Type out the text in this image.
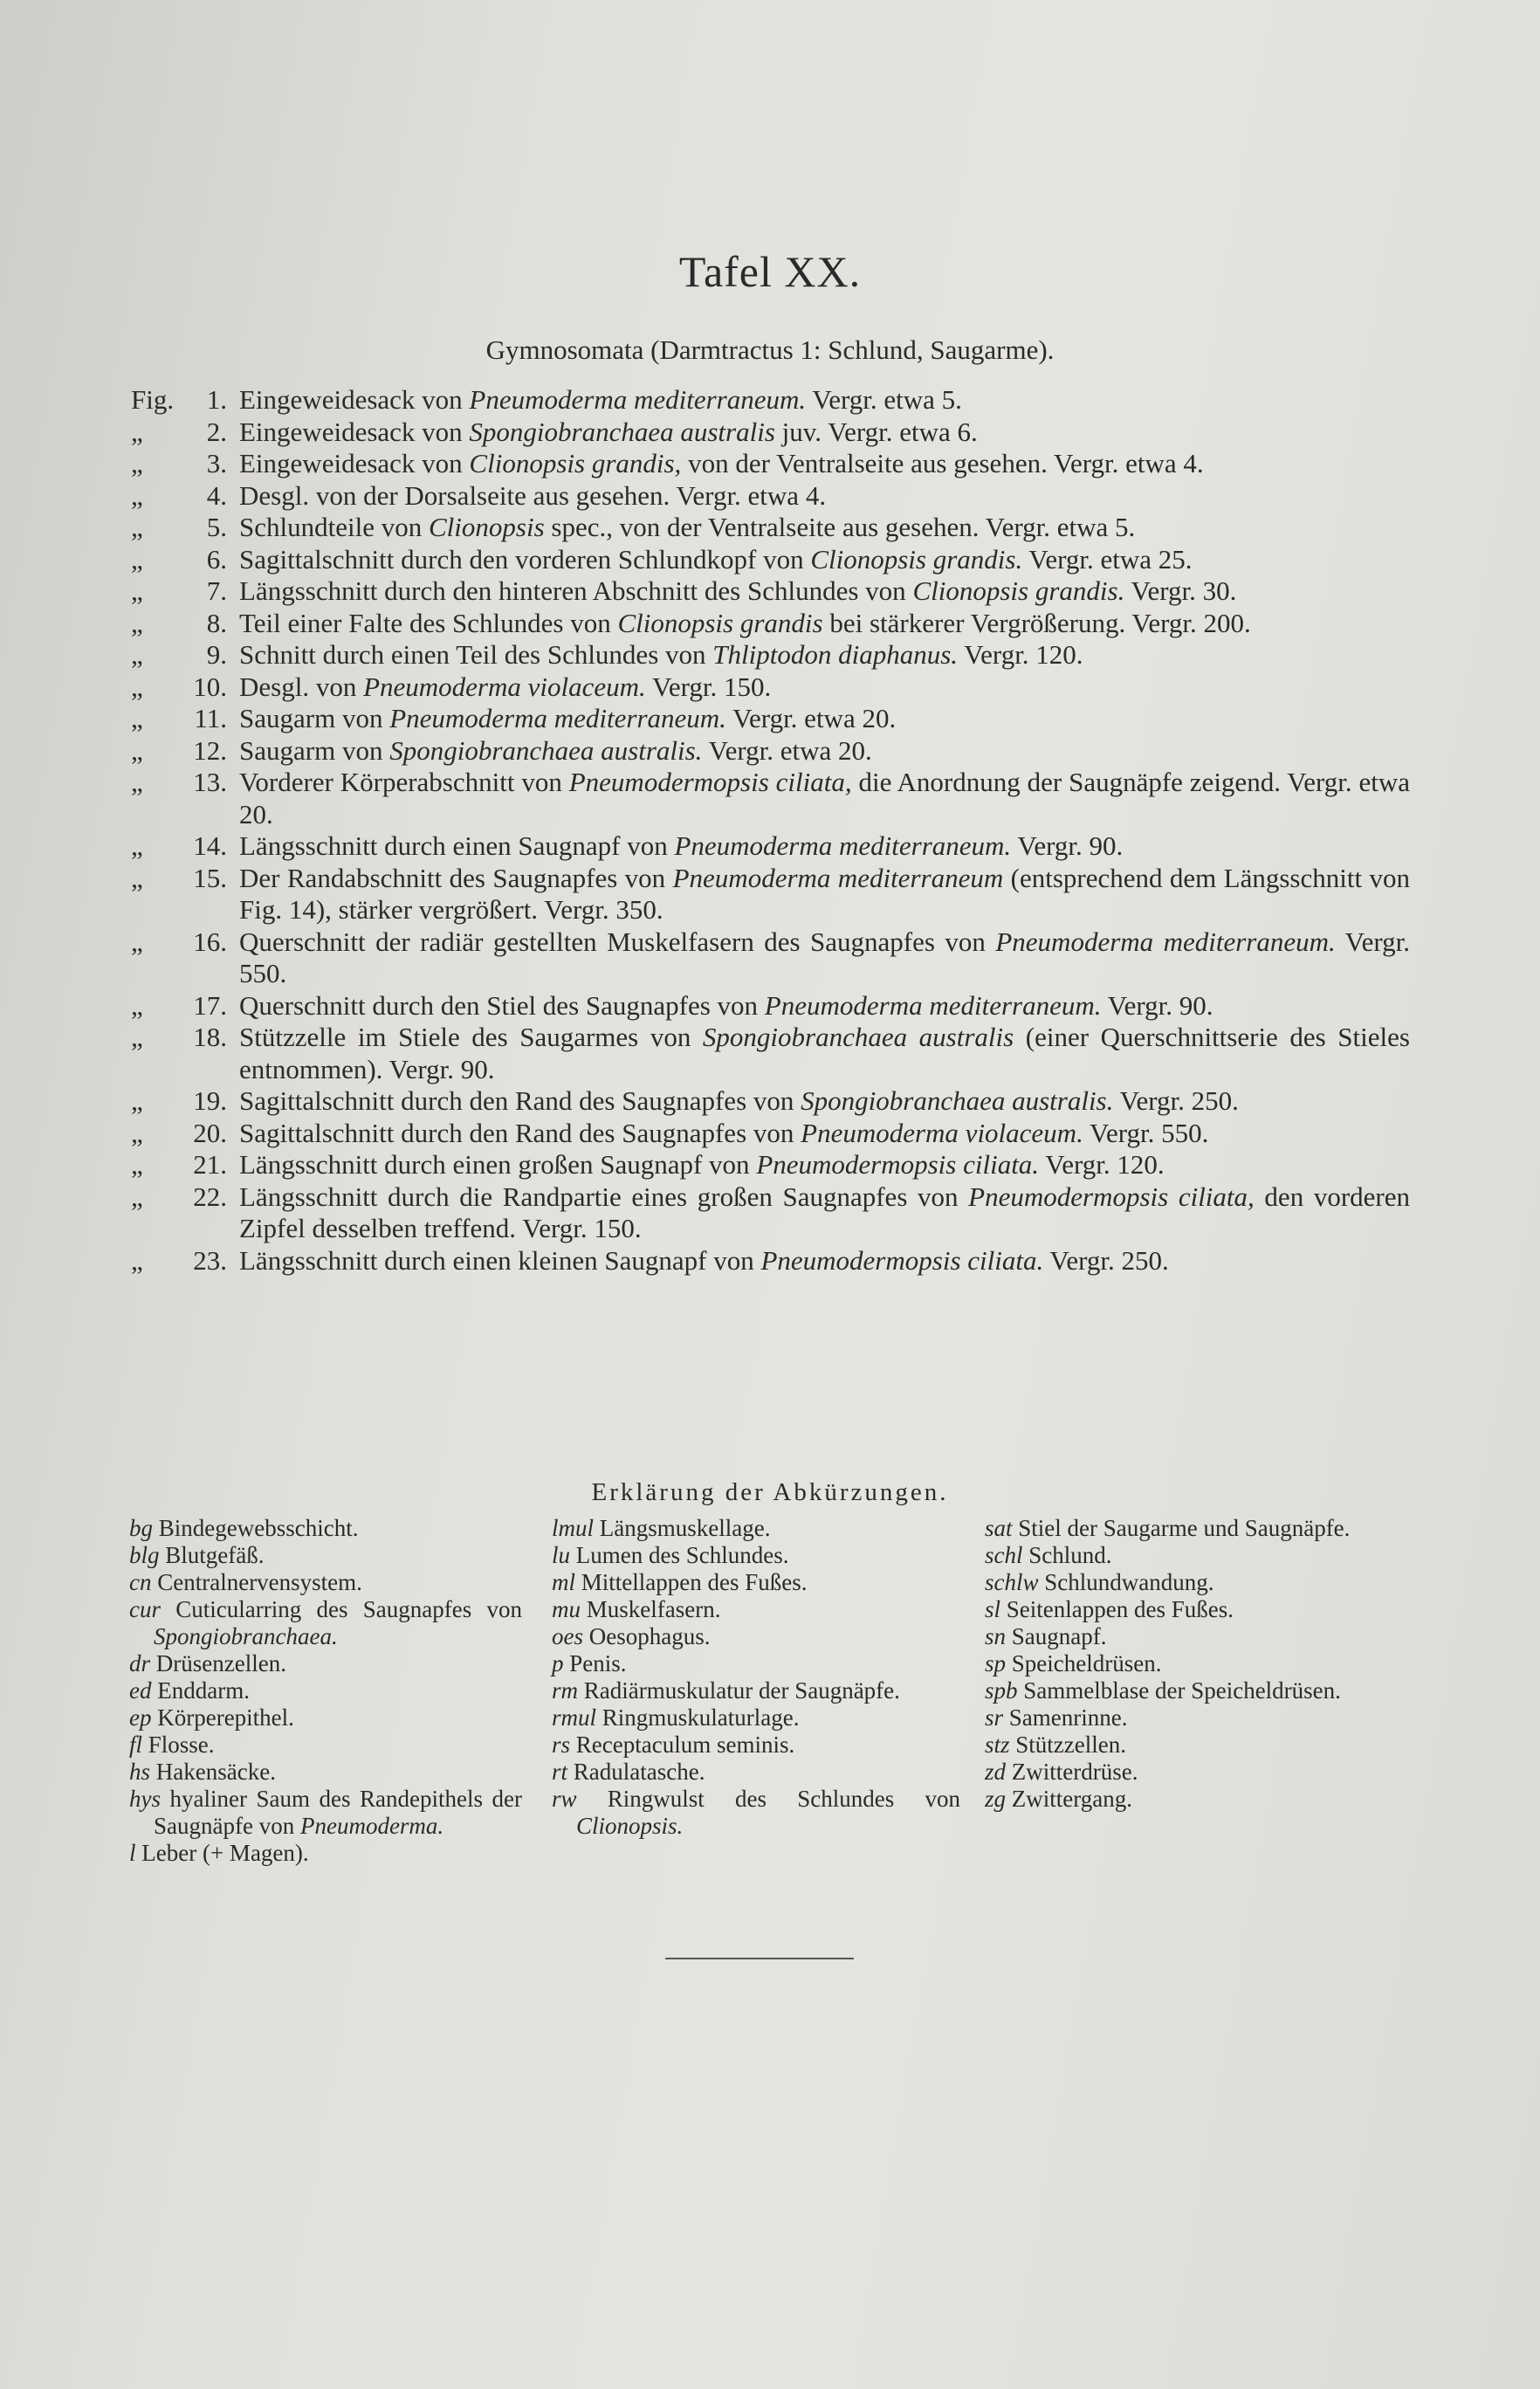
Tafel XX.
Gymnosomata (Darmtractus 1: Schlund, Saugarme).
Fig.	1. Eingeweidesack von Pneumoderma mediterraneum. Vergr. etwa 5.
„	2. Eingeweidesack von Spongiobranchaea australis juv. Vergr. etwa 6.
„	3. Eingeweidesack von Clionopsis grandis, von der Ventralseite aus gesehen. Vergr. etwa 4.
„	4. Desgl. von der Dorsalseite aus gesehen. Vergr. etwa 4.
„	5. Schlundteile von Clionopsis spec., von der Ventralseite aus gesehen. Vergr. etwa 5.
„	6. Sagittalschnitt durch den vorderen Schlundkopf von Clionopsis grandis. Vergr. etwa 25.
„	7. Längsschnitt durch den hinteren Abschnitt des Schlundes von Clionopsis grandis. Vergr. 30.
„	8. Teil einer Falte des Schlundes von Clionopsis grandis bei stärkerer Vergrößerung. Vergr. 200.
„	9. Schnitt durch einen Teil des Schlundes von Thliptodon diaphanus. Vergr. 120.
„	10. Desgl. von Pneumoderma violaceum. Vergr. 150.
„	11. Saugarm von Pneumoderma mediterraneum. Vergr. etwa 20.
„	12. Saugarm von Spongiobranchaea australis. Vergr. etwa 20.
„	13. Vorderer Körperabschnitt von Pneumodermopsis ciliata, die Anordnung der Saugnäpfe zeigend. Vergr. etwa 20.
„	14. Längsschnitt durch einen Saugnapf von Pneumoderma mediterraneum. Vergr. 90.
„	15. Der Randabschnitt des Saugnapfes von Pneumoderma mediterraneum (entsprechend dem Längsschnitt von Fig. 14), stärker vergrößert. Vergr. 350.
„	16. Querschnitt der radiär gestellten Muskelfasern des Saugnapfes von Pneumoderma mediterraneum. Vergr. 550.
„	17. Querschnitt durch den Stiel des Saugnapfes von Pneumoderma mediterraneum. Vergr. 90.
„	18. Stützzelle im Stiele des Saugarmes von Spongiobranchaea australis (einer Querschnittserie des Stieles entnommen). Vergr. 90.
„	19. Sagittalschnitt durch den Rand des Saugnapfes von Spongiobranchaea australis. Vergr. 250.
„	20. Sagittalschnitt durch den Rand des Saugnapfes von Pneumoderma violaceum. Vergr. 550.
„	21. Längsschnitt durch einen großen Saugnapf von Pneumodermopsis ciliata. Vergr. 120.
„	22. Längsschnitt durch die Randpartie eines großen Saugnapfes von Pneumodermopsis ciliata, den vorderen Zipfel desselben treffend. Vergr. 150.
„	23. Längsschnitt durch einen kleinen Saugnapf von Pneumodermopsis ciliata. Vergr. 250.
Erklärung der Abkürzungen.
bg Bindegewebsschicht.
blg Blutgefäß.
cn Centralnervensystem.
cur Cuticularring des Saugnapfes von Spongiobranchaea.
dr Drüsenzellen.
ed Enddarm.
ep Körperepithel.
fl Flosse.
hs Hakensäcke.
hys hyaliner Saum des Randepithels der Saugnäpfe von Pneumoderma.
l Leber (+ Magen).
lmul Längsmuskellage.
lu Lumen des Schlundes.
ml Mittellappen des Fußes.
mu Muskelfasern.
oes Oesophagus.
p Penis.
rm Radiärmuskulatur der Saugnäpfe.
rmul Ringmuskulaturlage.
rs Receptaculum seminis.
rt Radulatasche.
rw Ringwulst des Schlundes von Clionopsis.
sat Stiel der Saugarme und Saugnäpfe.
schl Schlund.
schlw Schlundwandung.
sl Seitenlappen des Fußes.
sn Saugnapf.
sp Speicheldrüsen.
spb Sammelblase der Speicheldrüsen.
sr Samenrinne.
stz Stützzellen.
zd Zwitterdrüse.
zg Zwittergang.
